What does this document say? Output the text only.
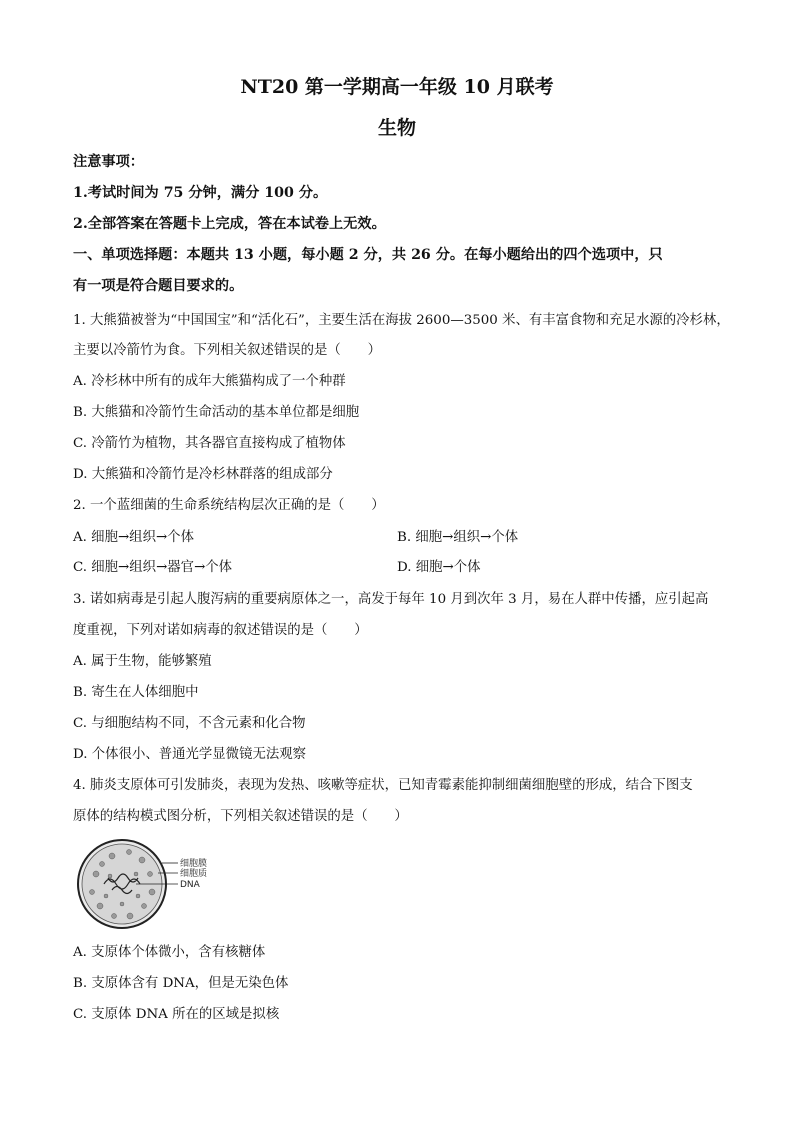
NT20 第一学期高一年级 10 月联考
生物
注意事项：
1.考试时间为 75 分钟，满分 100 分。
2.全部答案在答题卡上完成，答在本试卷上无效。
一、单项选择题：本题共 13 小题，每小题 2 分，共 26 分。在每小题给出的四个选项中，只
有一项是符合题目要求的。
1. 大熊猫被誉为“中国国宝”和“活化石”，主要生活在海拔 2600—3500 米、有丰富食物和充足水源的冷杉林，
主要以冷箭竹为食。下列相关叙述错误的是（　　）
A. 冷杉林中所有的成年大熊猫构成了一个种群
B. 大熊猫和冷箭竹生命活动的基本单位都是细胞
C. 冷箭竹为植物，其各器官直接构成了植物体
D. 大熊猫和冷箭竹是冷杉林群落的组成部分
2. 一个蓝细菌的生命系统结构层次正确的是（　　）
A. 细胞→组织→个体	B. 细胞→组织→个体
C. 细胞→组织→器官→个体	D. 细胞→个体
3. 诺如病毒是引起人腹泻病的重要病原体之一，高发于每年 10 月到次年 3 月，易在人群中传播，应引起高
度重视，下列对诺如病毒的叙述错误的是（　　）
A. 属于生物，能够繁殖
B. 寄生在人体细胞中
C. 与细胞结构不同，不含元素和化合物
D. 个体很小、普通光学显微镜无法观察
4. 肺炎支原体可引发肺炎，表现为发热、咳嗽等症状，已知青霉素能抑制细菌细胞壁的形成，结合下图支
原体的结构模式图分析，下列相关叙述错误的是（　　）
细胞膜
细胞质
DNA
A. 支原体个体微小，含有核糖体
B. 支原体含有 DNA，但是无染色体
C. 支原体 DNA 所在的区域是拟核
